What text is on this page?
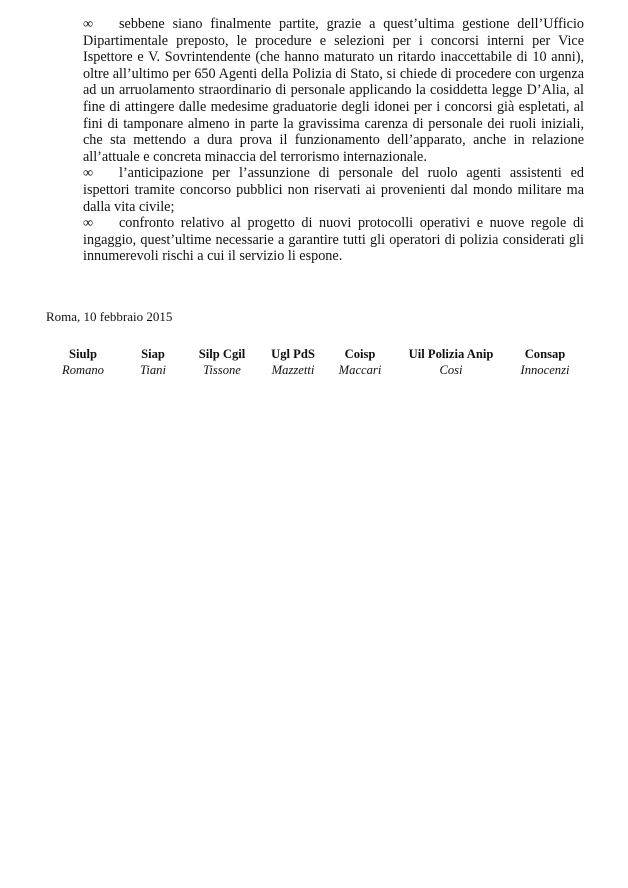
∞ sebbene siano finalmente partite, grazie a quest’ultima gestione dell’Ufficio Dipartimentale preposto, le procedure e selezioni per i concorsi interni per Vice Ispettore e V. Sovrintendente (che hanno maturato un ritardo inaccettabile di 10 anni), oltre all’ultimo per 650 Agenti della Polizia di Stato, si chiede di procedere con urgenza ad un arruolamento straordinario di personale applicando la cosiddetta legge D’Alia, al fine di attingere dalle medesime graduatorie degli idonei per i concorsi già espletati, al fini di tamponare almeno in parte la gravissima carenza di personale dei ruoli iniziali, che sta mettendo a dura prova il funzionamento dell’apparato, anche in relazione all’attuale e concreta minaccia del terrorismo internazionale.

∞ l’anticipazione per l’assunzione di personale del ruolo agenti assistenti ed ispettori tramite concorso pubblici non riservati ai provenienti dal mondo militare ma dalla vita civile;

∞ confronto relativo al progetto di nuovi protocolli operativi e nuove regole di ingaggio, quest’ultime necessarie a garantire tutti gli operatori di polizia considerati gli innumerevoli rischi a cui il servizio li espone.

Roma, 10 febbraio 2015
Siulp
Romano
Siap
Tiani
Silp Cgil
Tissone
Ugl PdS
Mazzetti
Coisp
Maccari
Uil Polizia Anip
Cosi
Consap
Innocenzi
